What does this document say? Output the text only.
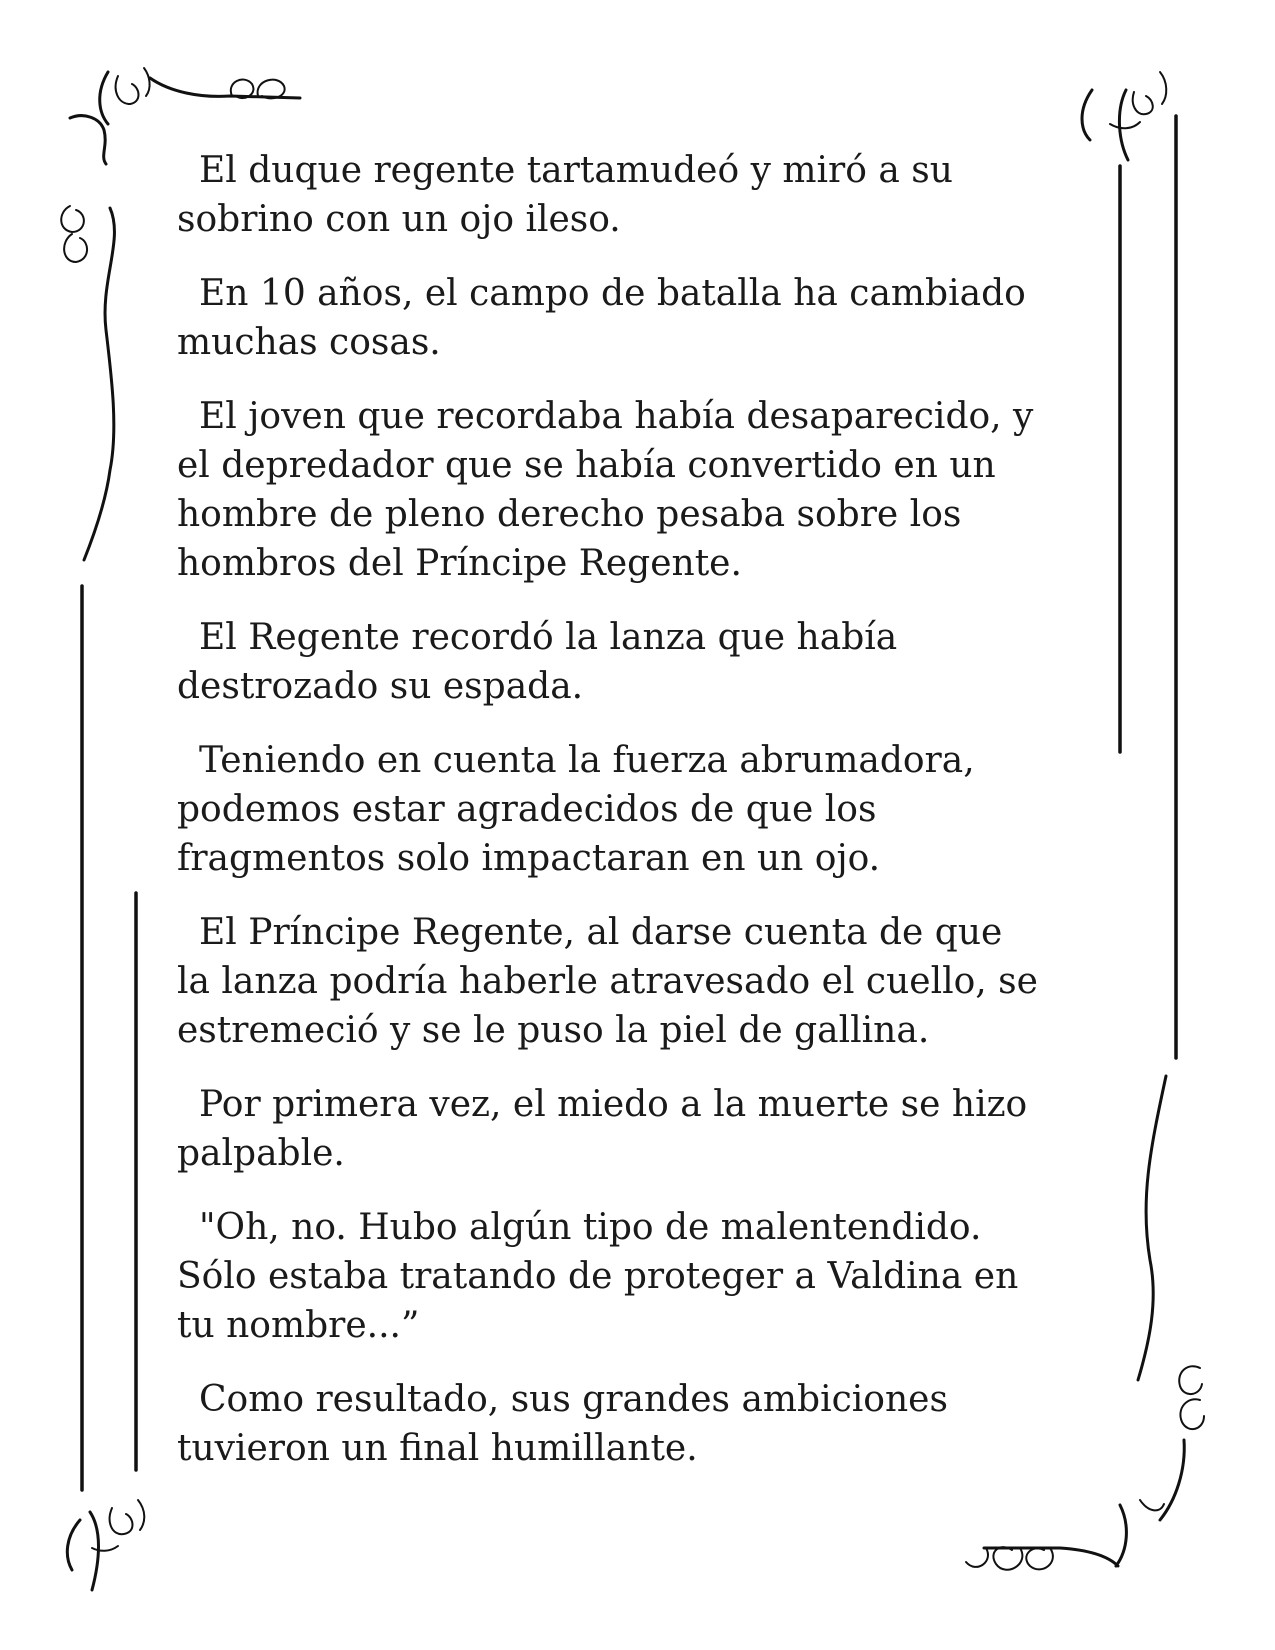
El duque regente tartamudeó y miró a su
sobrino con un ojo ileso.

En 10 años, el campo de batalla ha cambiado
muchas cosas.

El joven que recordaba había desaparecido, y
el depredador que se había convertido en un
hombre de pleno derecho pesaba sobre los
hombros del Príncipe Regente.

El Regente recordó la lanza que había
destrozado su espada.

Teniendo en cuenta la fuerza abrumadora,
podemos estar agradecidos de que los
fragmentos solo impactaran en un ojo.

El Príncipe Regente, al darse cuenta de que
la lanza podría haberle atravesado el cuello, se
estremeció y se le puso la piel de gallina.

Por primera vez, el miedo a la muerte se hizo
palpable.

"Oh, no. Hubo algún tipo de malentendido.
Sólo estaba tratando de proteger a Valdina en
tu nombre...”

Como resultado, sus grandes ambiciones
tuvieron un final humillante.
